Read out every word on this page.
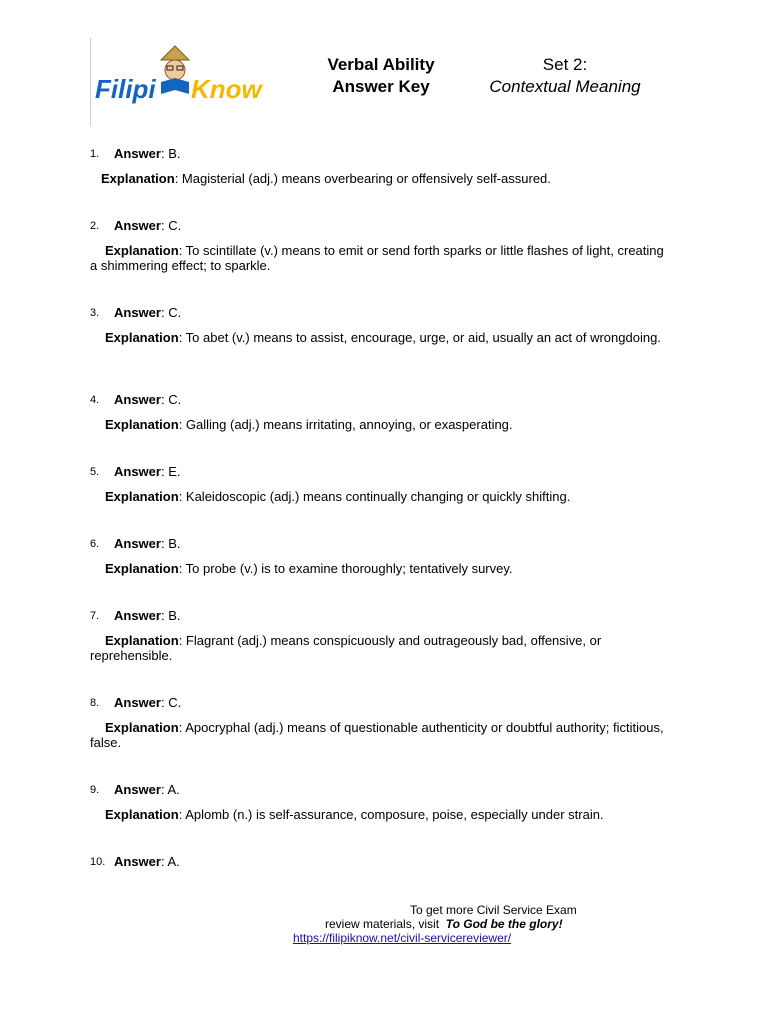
Filipi Know
Verbal Ability
Answer Key
Set 2:
Contextual Meaning
1. Answer: B.
Explanation: Magisterial (adj.) means overbearing or offensively self-assured.
2. Answer: C.
Explanation: To scintillate (v.) means to emit or send forth sparks or little flashes of light, creating a shimmering effect; to sparkle.
3. Answer: C.
Explanation: To abet (v.) means to assist, encourage, urge, or aid, usually an act of wrongdoing.
4. Answer: C.
Explanation: Galling (adj.) means irritating, annoying, or exasperating.
5. Answer: E.
Explanation: Kaleidoscopic (adj.) means continually changing or quickly shifting.
6. Answer: B.
Explanation: To probe (v.) is to examine thoroughly; tentatively survey.
7. Answer: B.
Explanation: Flagrant (adj.) means conspicuously and outrageously bad, offensive, or reprehensible.
8. Answer: C.
Explanation: Apocryphal (adj.) means of questionable authenticity or doubtful authority; fictitious, false.
9. Answer: A.
Explanation: Aplomb (n.) is self-assurance, composure, poise, especially under strain.
10. Answer: A.
To get more Civil Service Exam
review materials, visit To God be the glory!
https://filipiknow.net/civil-servicereviewer/
